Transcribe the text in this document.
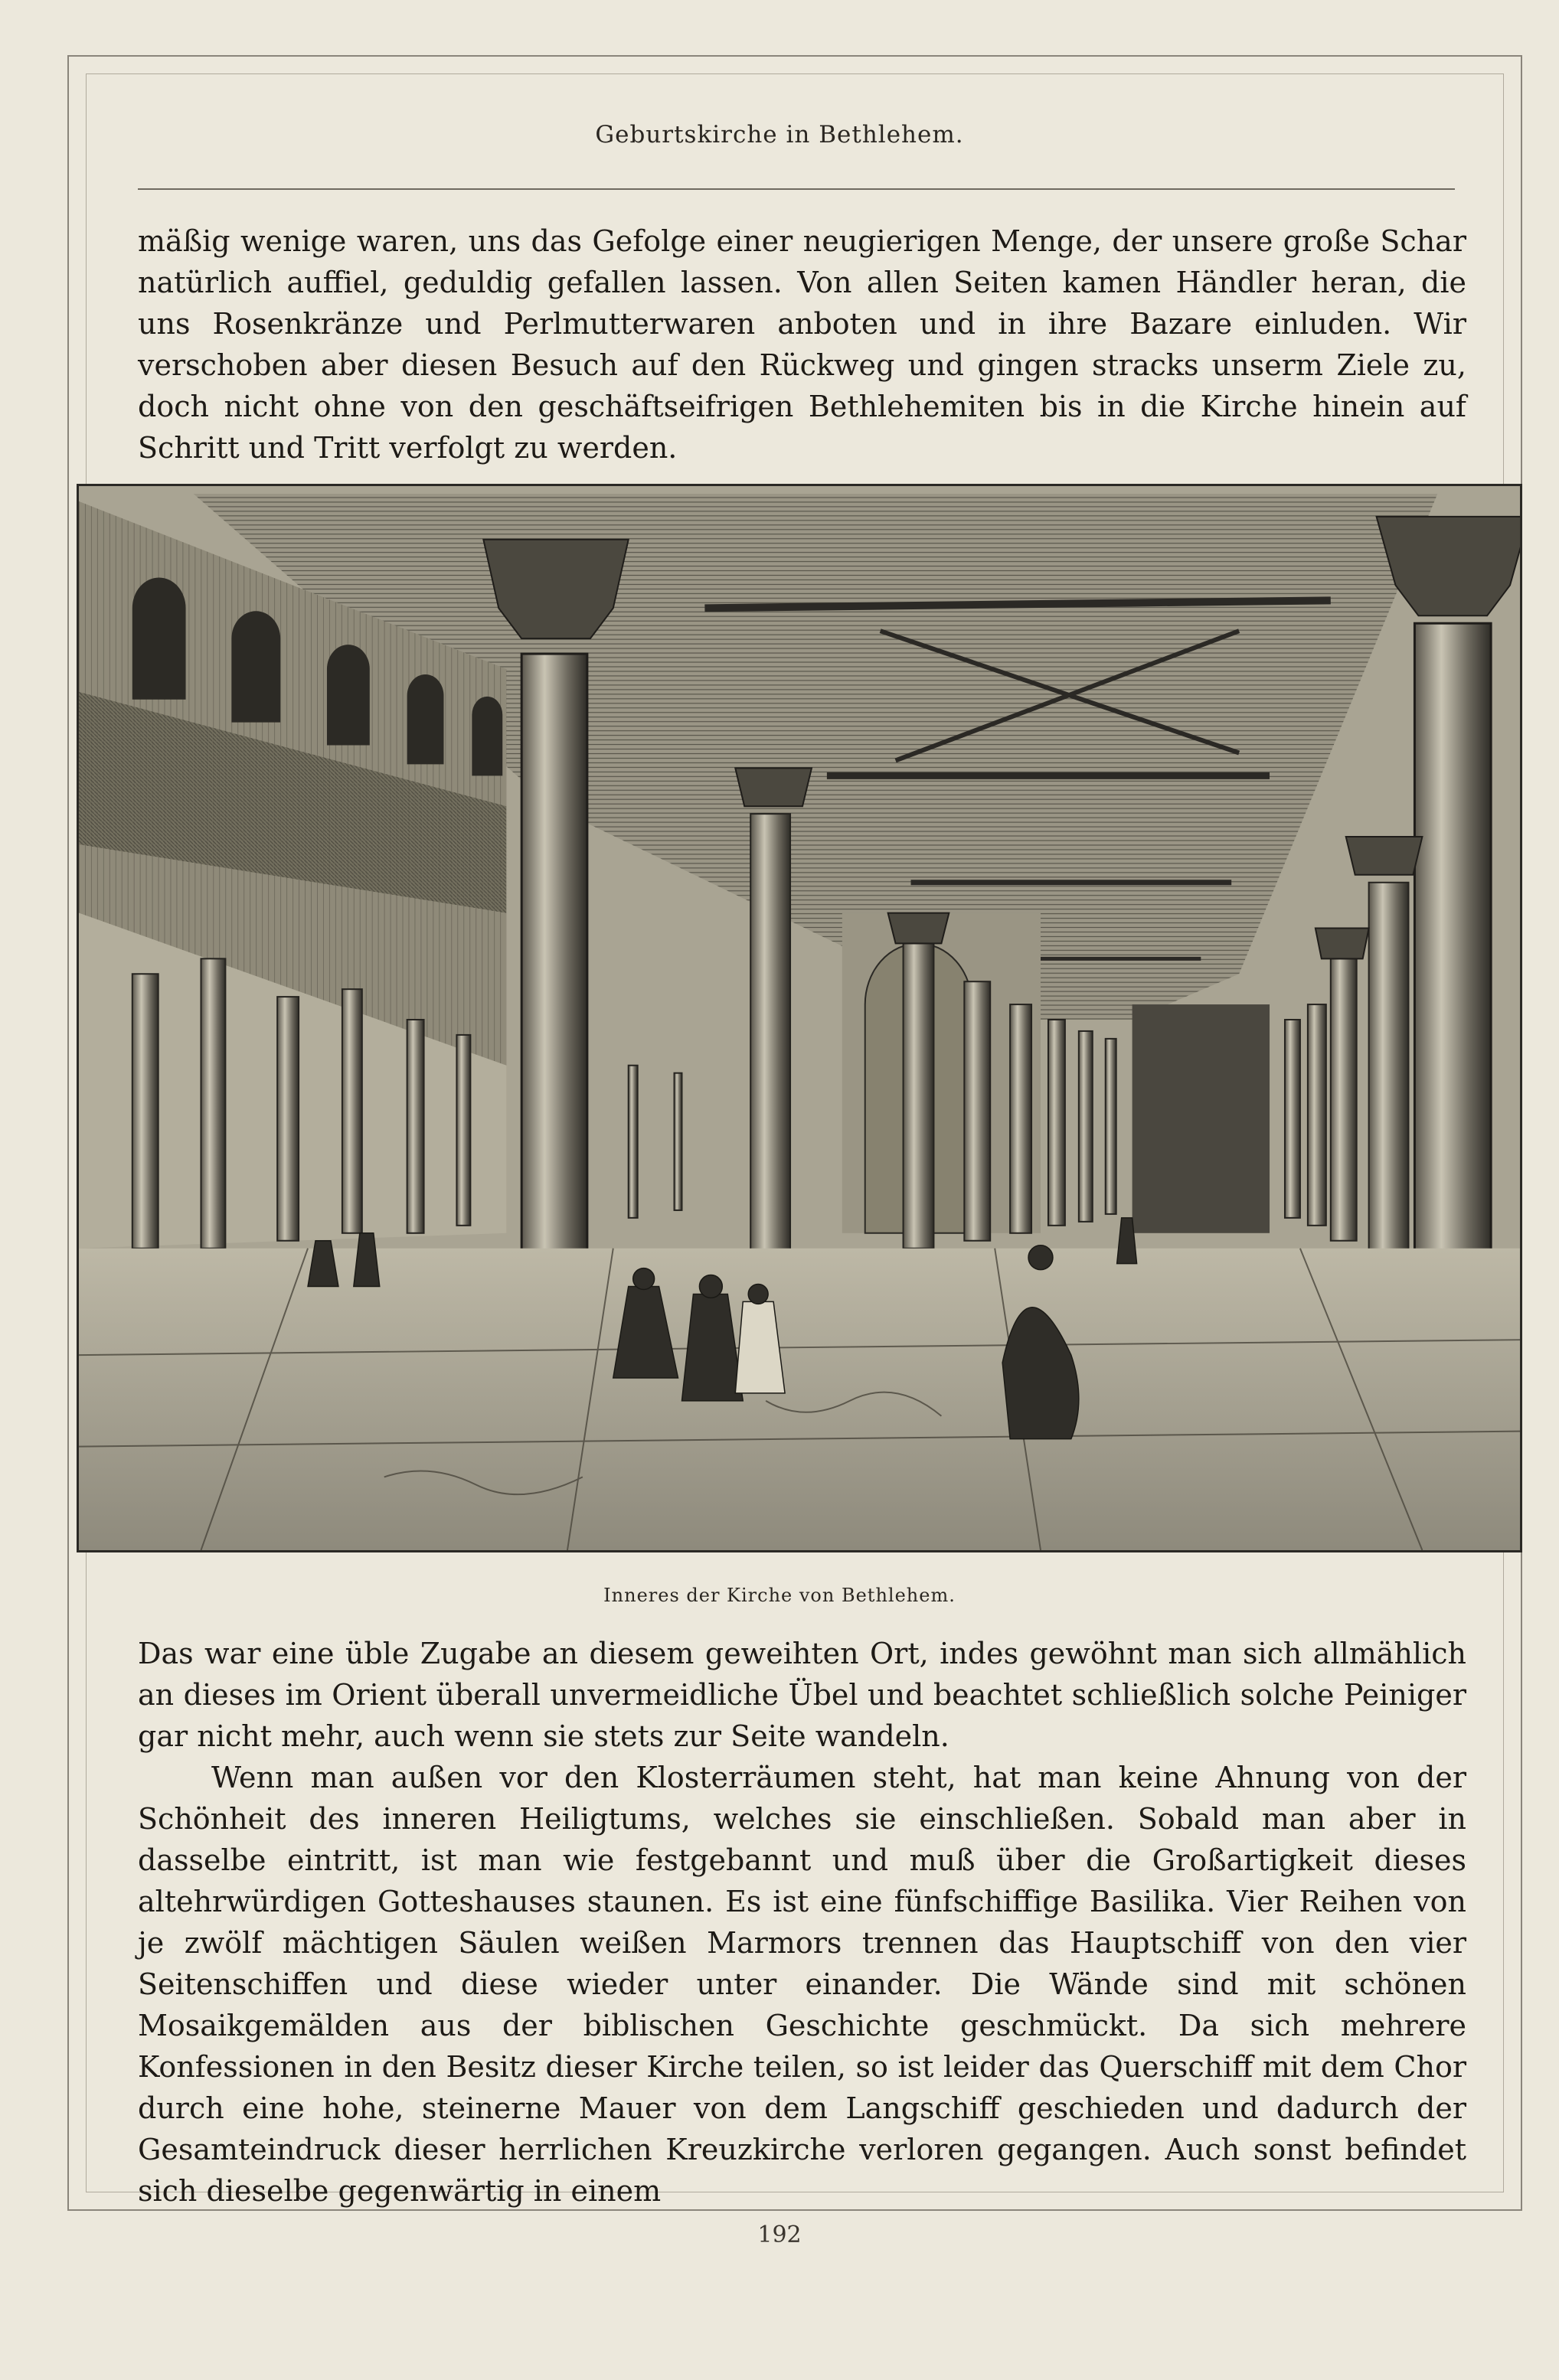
Geburtskirche in Bethlehem.

mäßig wenige waren, uns das Gefolge einer neugierigen Menge, der unsere große Schar natürlich auffiel, geduldig gefallen lassen. Von allen Seiten kamen Händler heran, die uns Rosenkränze und Perlmutterwaren anboten und in ihre Bazare einluden. Wir verschoben aber diesen Besuch auf den Rückweg und gingen stracks unserm Ziele zu, doch nicht ohne von den geschäftseifrigen Bethlehemiten bis in die Kirche hinein auf Schritt und Tritt verfolgt zu werden.

Inneres der Kirche von Bethlehem.

Das war eine üble Zugabe an diesem geweihten Ort, indes gewöhnt man sich allmählich an dieses im Orient überall unvermeidliche Übel und beachtet schließlich solche Peiniger gar nicht mehr, auch wenn sie stets zur Seite wandeln.

Wenn man außen vor den Klosterräumen steht, hat man keine Ahnung von der Schönheit des inneren Heiligtums, welches sie einschließen. Sobald man aber in dasselbe eintritt, ist man wie festgebannt und muß über die Großartigkeit dieses altehrwürdigen Gotteshauses staunen. Es ist eine fünfschiffige Basilika. Vier Reihen von je zwölf mächtigen Säulen weißen Marmors trennen das Hauptschiff von den vier Seitenschiffen und diese wieder unter einander. Die Wände sind mit schönen Mosaikgemälden aus der biblischen Geschichte geschmückt. Da sich mehrere Konfessionen in den Besitz dieser Kirche teilen, so ist leider das Querschiff mit dem Chor durch eine hohe, steinerne Mauer von dem Langschiff geschieden und dadurch der Gesamteindruck dieser herrlichen Kreuzkirche verloren gegangen. Auch sonst befindet sich dieselbe gegenwärtig in einem

192
